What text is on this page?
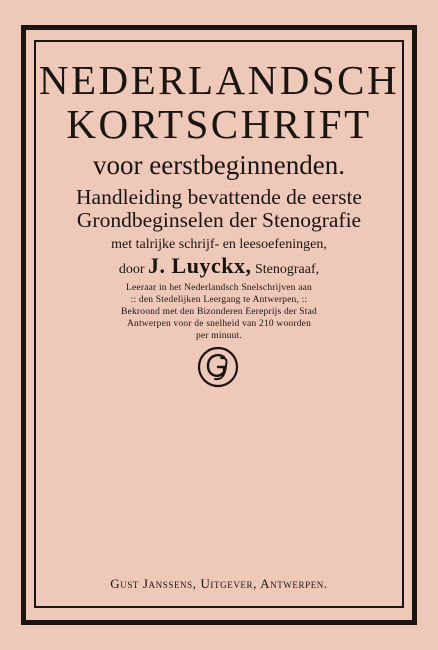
NEDERLANDSCH

KORTSCHRIFT

voor eerstbeginnenden.

Handleiding bevattende de eerste

Grondbeginselen der Stenografie

met talrijke schrijf- en leesoefeningen,

door J. Luyckx, Stenograaf,

Leeraar in het Nederlandsch Snelschrijven aan

:: den Stedelijken Leergang te Antwerpen, ::

Bekroond met den Bizonderen Eereprijs der Stad

Antwerpen voor de snelheid van 210 woorden

per minuut.

Gust Janssens, Uitgever, Antwerpen.
